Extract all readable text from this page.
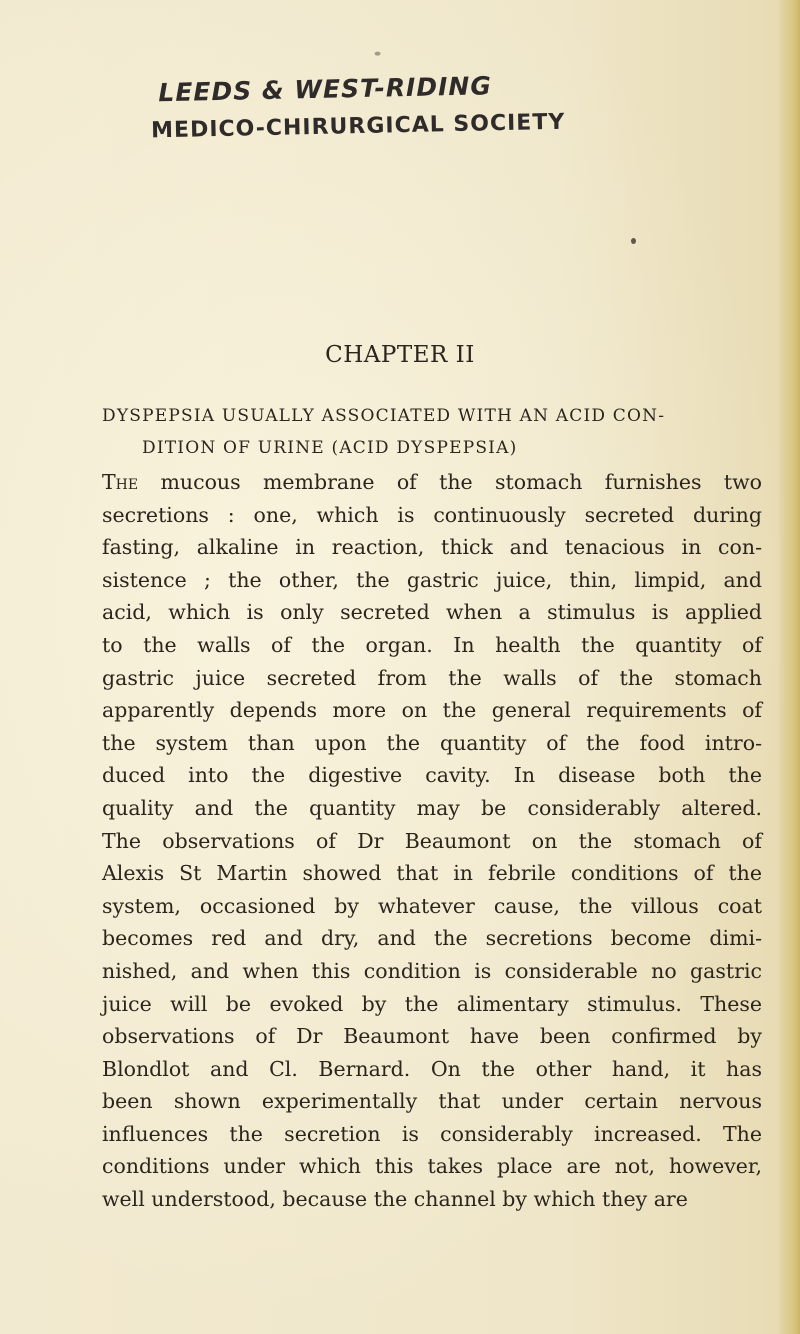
LEEDS & WEST-RIDING
MEDICO-CHIRURGICAL SOCIETY
CHAPTER II
DYSPEPSIA USUALLY ASSOCIATED WITH AN ACID CON-
DITION OF URINE (ACID DYSPEPSIA)
The mucous membrane of the stomach furnishes two
secretions : one, which is continuously secreted during
fasting, alkaline in reaction, thick and tenacious in con-
sistence ; the other, the gastric juice, thin, limpid, and
acid, which is only secreted when a stimulus is applied
to the walls of the organ. In health the quantity of
gastric juice secreted from the walls of the stomach
apparently depends more on the general requirements of
the system than upon the quantity of the food intro-
duced into the digestive cavity. In disease both the
quality and the quantity may be considerably altered.
The observations of Dr Beaumont on the stomach of
Alexis St Martin showed that in febrile conditions of the
system, occasioned by whatever cause, the villous coat
becomes red and dry, and the secretions become dimi-
nished, and when this condition is considerable no gastric
juice will be evoked by the alimentary stimulus. These
observations of Dr Beaumont have been confirmed by
Blondlot and Cl. Bernard. On the other hand, it has
been shown experimentally that under certain nervous
influences the secretion is considerably increased. The
conditions under which this takes place are not, however,
well understood, because the channel by which they are
